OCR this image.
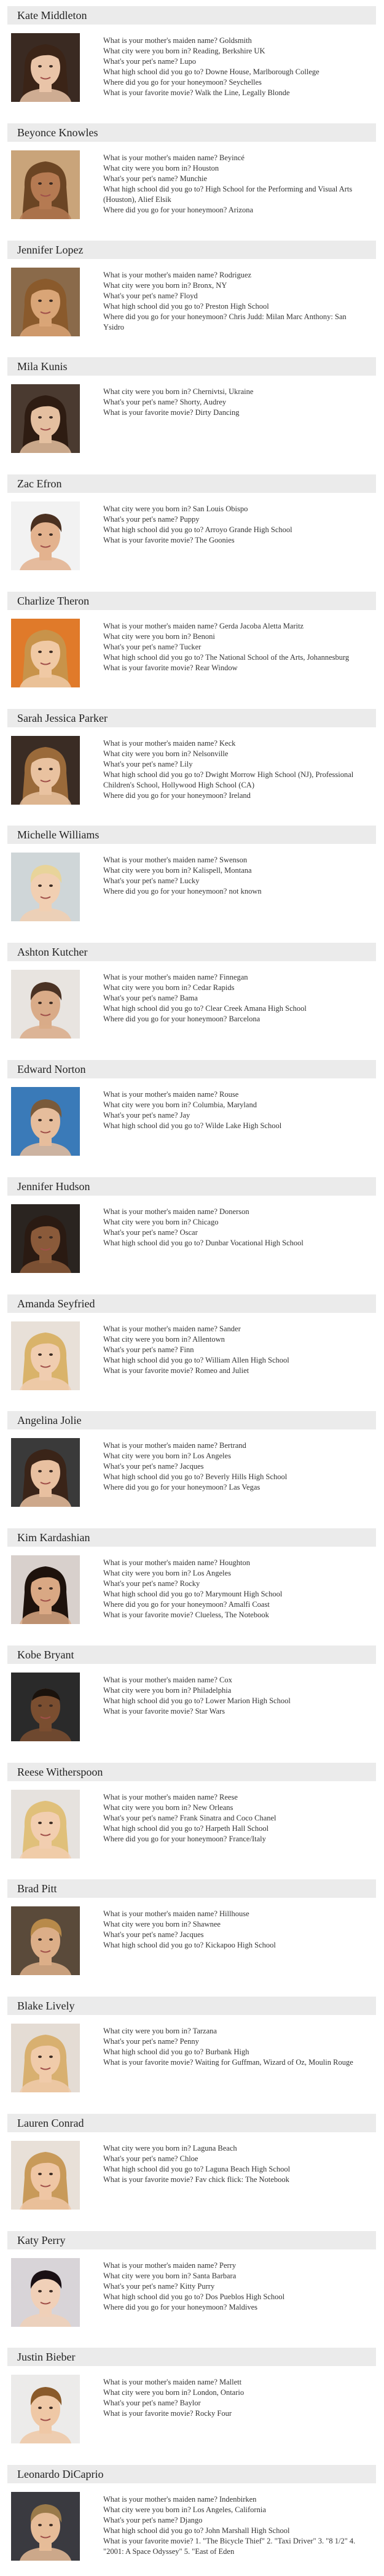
Kate Middleton
What is your mother's maiden name? Goldsmith
What city were you born in? Reading, Berkshire UK
What's your pet's name? Lupo
What high school did you go to? Downe House, Marlborough College
Where did you go for your honeymoon? Seychelles
What is your favorite movie? Walk the Line, Legally Blonde
Beyonce Knowles
What is your mother's maiden name? Beyincé
What city were you born in? Houston
What's your pet's name? Munchie
What high school did you go to? High School for the Performing and Visual Arts (Houston), Alief Elsik
Where did you go for your honeymoon? Arizona
Jennifer Lopez
What is your mother's maiden name? Rodriguez
What city were you born in? Bronx, NY
What's your pet's name? Floyd
What high school did you go to? Preston High School
Where did you go for your honeymoon? Chris Judd: Milan Marc Anthony: San Ysidro
Mila Kunis
What city were you born in? Chernivtsi, Ukraine
What's your pet's name? Shorty, Audrey
What is your favorite movie? Dirty Dancing
Zac Efron
What city were you born in? San Louis Obispo
What's your pet's name? Puppy
What high school did you go to? Arroyo Grande High School
What is your favorite movie? The Goonies
Charlize Theron
What is your mother's maiden name? Gerda Jacoba Aletta Maritz
What city were you born in? Benoni
What's your pet's name? Tucker
What high school did you go to? The National School of the Arts, Johannesburg
What is your favorite movie? Rear Window
Sarah Jessica Parker
What is your mother's maiden name? Keck
What city were you born in? Nelsonville
What's your pet's name? Lily
What high school did you go to? Dwight Morrow High School (NJ), Professional Children's School, Hollywood High School (CA)
Where did you go for your honeymoon? Ireland
Michelle Williams
What is your mother's maiden name? Swenson
What city were you born in? Kalispell, Montana
What's your pet's name? Lucky
Where did you go for your honeymoon? not known
Ashton Kutcher
What is your mother's maiden name? Finnegan
What city were you born in? Cedar Rapids
What's your pet's name? Bama
What high school did you go to? Clear Creek Amana High School
Where did you go for your honeymoon? Barcelona
Edward Norton
What is your mother's maiden name? Rouse
What city were you born in? Columbia, Maryland
What's your pet's name? Jay
What high school did you go to? Wilde Lake High School
Jennifer Hudson
What is your mother's maiden name? Donerson
What city were you born in? Chicago
What's your pet's name? Oscar
What high school did you go to? Dunbar Vocational High School
Amanda Seyfried
What is your mother's maiden name? Sander
What city were you born in? Allentown
What's your pet's name? Finn
What high school did you go to? William Allen High School
What is your favorite movie? Romeo and Juliet
Angelina Jolie
What is your mother's maiden name? Bertrand
What city were you born in? Los Angeles
What's your pet's name? Jacques
What high school did you go to? Beverly Hills High School
Where did you go for your honeymoon? Las Vegas
Kim Kardashian
What is your mother's maiden name? Houghton
What city were you born in? Los Angeles
What's your pet's name? Rocky
What high school did you go to? Marymount High School
Where did you go for your honeymoon? Amalfi Coast
What is your favorite movie? Clueless, The Notebook
Kobe Bryant
What is your mother's maiden name? Cox
What city were you born in? Philadelphia
What high school did you go to? Lower Marion High School
What is your favorite movie? Star Wars
Reese Witherspoon
What is your mother's maiden name? Reese
What city were you born in? New Orleans
What's your pet's name? Frank Sinatra and Coco Chanel
What high school did you go to? Harpeth Hall School
Where did you go for your honeymoon? France/Italy
Brad Pitt
What is your mother's maiden name? Hillhouse
What city were you born in? Shawnee
What's your pet's name? Jacques
What high school did you go to? Kickapoo High School
Blake Lively
What city were you born in? Tarzana
What's your pet's name? Penny
What high school did you go to? Burbank High
What is your favorite movie? Waiting for Guffman, Wizard of Oz, Moulin Rouge
Lauren Conrad
What city were you born in? Laguna Beach
What's your pet's name? Chloe
What high school did you go to? Laguna Beach High School
What is your favorite movie? Fav chick flick: The Notebook
Katy Perry
What is your mother's maiden name? Perry
What city were you born in? Santa Barbara
What's your pet's name? Kitty Purry
What high school did you go to? Dos Pueblos High School
Where did you go for your honeymoon? Maldives
Justin Bieber
What is your mother's maiden name? Mallett
What city were you born in? London, Ontario
What's your pet's name? Baylor
What is your favorite movie? Rocky Four
Leonardo DiCaprio
What is your mother's maiden name? Indenbirken
What city were you born in? Los Angeles, California
What's your pet's name? Django
What high school did you go to? John Marshall High School
What is your favorite movie? 1. "The Bicycle Thief" 2. "Taxi Driver" 3. "8 1/2" 4. "2001: A Space Odyssey" 5. "East of Eden
